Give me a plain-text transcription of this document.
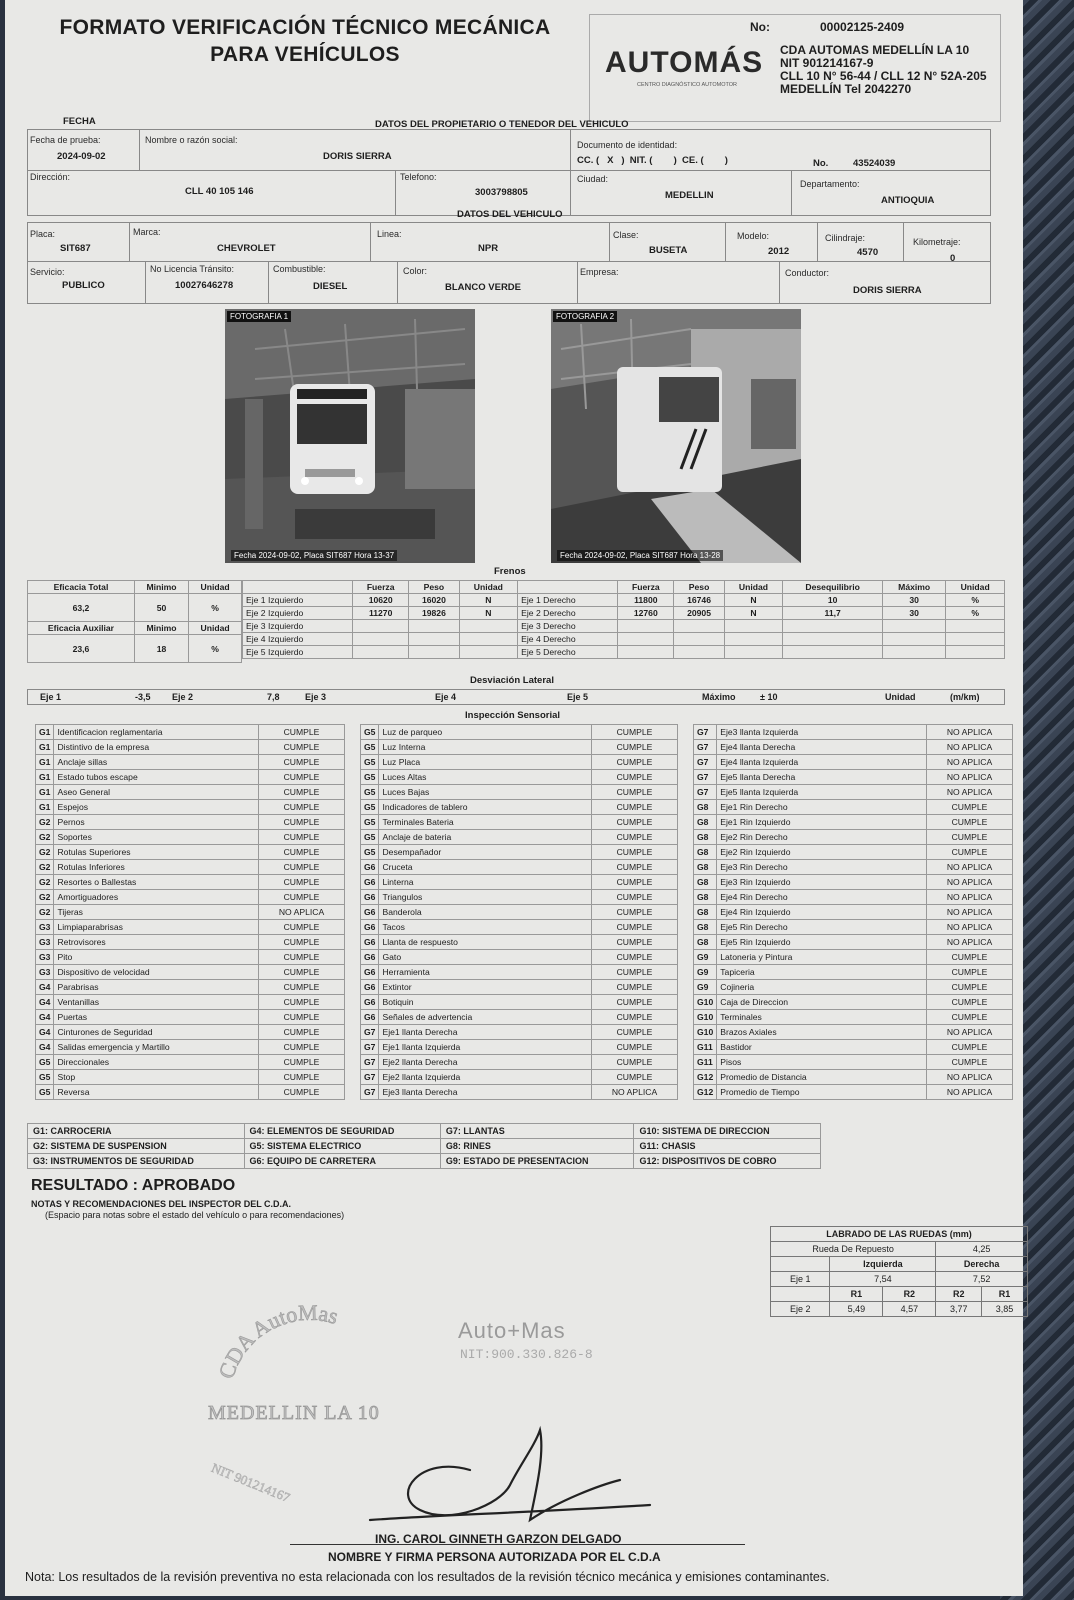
FORMATO VERIFICACIÓN TÉCNICO MECÁNICA
PARA VEHÍCULOS
No:	00002125-2409
AUTOMÁS
CENTRO DIAGNÓSTICO AUTOMOTOR
CDA AUTOMAS MEDELLÍN LA 10
NIT 901214167-9
CLL 10 N° 56-44 / CLL 12 N° 52A-205 MEDELLÍN Tel 2042270
FECHA	DATOS DEL PROPIETARIO O TENEDOR DEL VEHICULO
Fecha de prueba:
2024-09-02
Nombre o razón social:
DORIS SIERRA
Documento de identidad:
CC. (   X   )  NIT. (        )  CE. (        )	No.	43524039
Dirección:
CLL 40 105 146
Telefono:
3003798805
Ciudad:
MEDELLIN
Departamento:
ANTIOQUIA
DATOS DEL VEHICULO
Placa:
SIT687
Marca:
CHEVROLET
Linea:
NPR
Clase:
BUSETA
Modelo:
2012
Cilindraje:
4570
Kilometraje:
0
Servicio:
PUBLICO
No Licencia Tránsito:
10027646278
Combustible:
DIESEL
Color:
BLANCO VERDE
Empresa:	Conductor:
DORIS SIERRA
FOTOGRAFIA 1
Fecha 2024-09-02, Placa SIT687 Hora 13-37
FOTOGRAFIA 2
Fecha 2024-09-02, Placa SIT687 Hora 13-28
Frenos
Eficacia Total	Minimo	Unidad
63,2	50	%
Eficacia Auxiliar	Minimo	Unidad
23,6	18	%
	Fuerza	Peso	Unidad		Fuerza	Peso	Unidad	Desequilibrio	Máximo	Unidad
Eje 1 Izquierdo	10620	16020	N	Eje 1 Derecho	11800	16746	N	10	30	%
Eje 2 Izquierdo	11270	19826	N	Eje 2 Derecho	12760	20905	N	11,7	30	%
Eje 3 Izquierdo				Eje 3 Derecho						
Eje 4 Izquierdo				Eje 4 Derecho						
Eje 5 Izquierdo				Eje 5 Derecho						
Desviación Lateral
Eje 1	-3,5 Eje 2	7,8	Eje 3	Eje 4	Eje 5	Máximo	± 10	Unidad	(m/km)
Inspección Sensorial
G1	Identificacion reglamentaria	CUMPLE
G1	Distintivo de la empresa	CUMPLE
G1	Anclaje sillas	CUMPLE
G1	Estado tubos escape	CUMPLE
G1	Aseo General	CUMPLE
G1	Espejos	CUMPLE
G2	Pernos	CUMPLE
G2	Soportes	CUMPLE
G2	Rotulas Superiores	CUMPLE
G2	Rotulas Inferiores	CUMPLE
G2	Resortes o Ballestas	CUMPLE
G2	Amortiguadores	CUMPLE
G2	Tijeras	NO APLICA
G3	Limpiaparabrisas	CUMPLE
G3	Retrovisores	CUMPLE
G3	Pito	CUMPLE
G3	Dispositivo de velocidad	CUMPLE
G4	Parabrisas	CUMPLE
G4	Ventanillas	CUMPLE
G4	Puertas	CUMPLE
G4	Cinturones de Seguridad	CUMPLE
G4	Salidas emergencia y Martillo	CUMPLE
G5	Direccionales	CUMPLE
G5	Stop	CUMPLE
G5	Reversa	CUMPLE
G5	Luz de parqueo	CUMPLE
G5	Luz Interna	CUMPLE
G5	Luz Placa	CUMPLE
G5	Luces Altas	CUMPLE
G5	Luces Bajas	CUMPLE
G5	Indicadores de tablero	CUMPLE
G5	Terminales Bateria	CUMPLE
G5	Anclaje de bateria	CUMPLE
G5	Desempañador	CUMPLE
G6	Cruceta	CUMPLE
G6	Linterna	CUMPLE
G6	Triangulos	CUMPLE
G6	Banderola	CUMPLE
G6	Tacos	CUMPLE
G6	Llanta de respuesto	CUMPLE
G6	Gato	CUMPLE
G6	Herramienta	CUMPLE
G6	Extintor	CUMPLE
G6	Botiquin	CUMPLE
G6	Señales de advertencia	CUMPLE
G7	Eje1 llanta Derecha	CUMPLE
G7	Eje1 llanta Izquierda	CUMPLE
G7	Eje2 llanta Derecha	CUMPLE
G7	Eje2 llanta Izquierda	CUMPLE
G7	Eje3 llanta Derecha	NO APLICA
G7	Eje3 llanta Izquierda	NO APLICA
G7	Eje4 llanta Derecha	NO APLICA
G7	Eje4 llanta Izquierda	NO APLICA
G7	Eje5 llanta Derecha	NO APLICA
G7	Eje5 llanta Izquierda	NO APLICA
G8	Eje1 Rin Derecho	CUMPLE
G8	Eje1 Rin Izquierdo	CUMPLE
G8	Eje2 Rin Derecho	CUMPLE
G8	Eje2 Rin Izquierdo	CUMPLE
G8	Eje3 Rin Derecho	NO APLICA
G8	Eje3 Rin Izquierdo	NO APLICA
G8	Eje4 Rin Derecho	NO APLICA
G8	Eje4 Rin Izquierdo	NO APLICA
G8	Eje5 Rin Derecho	NO APLICA
G8	Eje5 Rin Izquierdo	NO APLICA
G9	Latoneria y Pintura	CUMPLE
G9	Tapiceria	CUMPLE
G9	Cojineria	CUMPLE
G10	Caja de Direccion	CUMPLE
G10	Terminales	CUMPLE
G10	Brazos Axiales	NO APLICA
G11	Bastidor	CUMPLE
G11	Pisos	CUMPLE
G12	Promedio de Distancia	NO APLICA
G12	Promedio de Tiempo	NO APLICA
G1: CARROCERIA	G4: ELEMENTOS DE SEGURIDAD	G7: LLANTAS	G10: SISTEMA DE DIRECCION
G2: SISTEMA DE SUSPENSION	G5: SISTEMA ELECTRICO	G8: RINES	G11: CHASIS
G3: INSTRUMENTOS DE SEGURIDAD	G6: EQUIPO DE CARRETERA	G9: ESTADO DE PRESENTACION	G12: DISPOSITIVOS DE COBRO
RESULTADO : APROBADO
NOTAS Y RECOMENDACIONES DEL INSPECTOR DEL C.D.A.
(Espacio para notas sobre el estado del vehículo o para recomendaciones)
LABRADO DE LAS RUEDAS (mm)				
Rueda De Repuesto			4,25	
	Izquierda		Derecha	
Eje 1	7,54		7,52	
	R1	R2	R2	R1
Eje 2	5,49	4,57	3,77	3,85
CDA AutoMas
MEDELLIN LA 10
NIT 901214167
Auto+Mas
NIT:900.330.826-8
ING. CAROL GINNETH GARZON DELGADO
NOMBRE Y FIRMA PERSONA AUTORIZADA POR EL C.D.A
Nota: Los resultados de la revisión preventiva no esta relacionada con los resultados de la revisión técnico mecánica y emisiones contaminantes.
